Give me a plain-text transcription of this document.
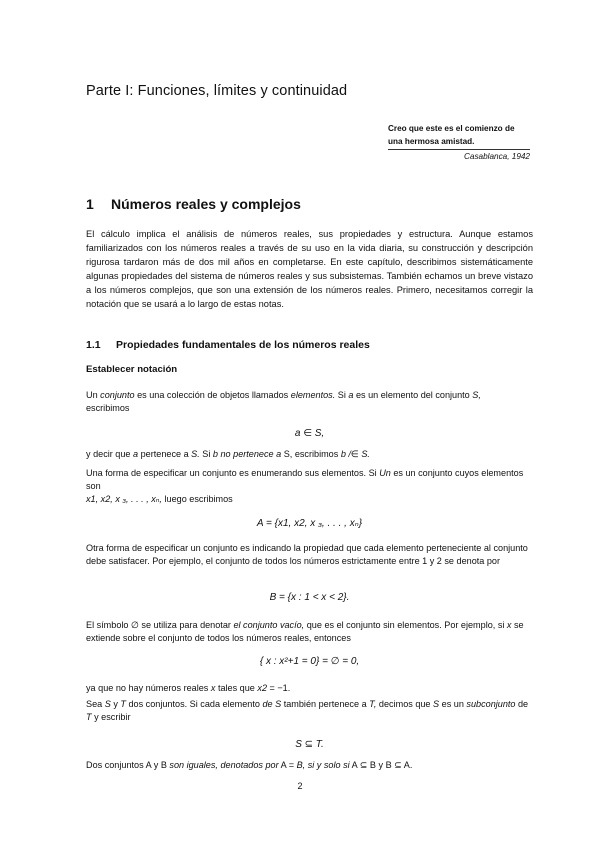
Parte I: Funciones, límites y continuidad
Creo que este es el comienzo de una hermosa amistad.
Casablanca, 1942
1 Números reales y complejos

El cálculo implica el análisis de números reales, sus propiedades y estructura. Aunque estamos familiarizados con los números reales a través de su uso en la vida diaria, su construcción y descripción rigurosa tardaron más de dos mil años en completarse. En este capítulo, describimos sistemáticamente algunas propiedades del sistema de números reales y sus subsistemas. También echamos un breve vistazo a los números complejos, que son una extensión de los números reales. Primero, necesitamos corregir la notación que se usará a lo largo de estas notas.

1.1 Propiedades fundamentales de los números reales
Establecer notación

Un conjunto es una colección de objetos llamados elementos. Si a es un elemento del conjunto S,
escribimos

a ∈ S,

y decir que a pertenece a S. Si b no pertenece a S, escribimos b /∈ S.

Una forma de especificar un conjunto es enumerando sus elementos. Si Un es un conjunto cuyos elementos son
x1, x2, x ₃, . . . , xₙ, luego escribimos

A = {x1, x2, x ₃, . . . , xₙ}

Otra forma de especificar un conjunto es indicando la propiedad que cada elemento perteneciente al conjunto debe satisfacer. Por ejemplo, el conjunto de todos los números estrictamente entre 1 y 2 se denota por

B = {x : 1 < x < 2}.

El símbolo ∅ se utiliza para denotar el conjunto vacío, que es el conjunto sin elementos. Por ejemplo, si x se extiende sobre el conjunto de todos los números reales, entonces

{ x : x²+1 = 0} = ∅ = 0,

ya que no hay números reales x tales que x2 = −1.

Sea S y T dos conjuntos. Si cada elemento de S también pertenece a T, decimos que S es un subconjunto de
T y escribir

S ⊆ T.

Dos conjuntos A y B son iguales, denotados por A = B, si y solo si A ⊆ B y B ⊆ A.

2
